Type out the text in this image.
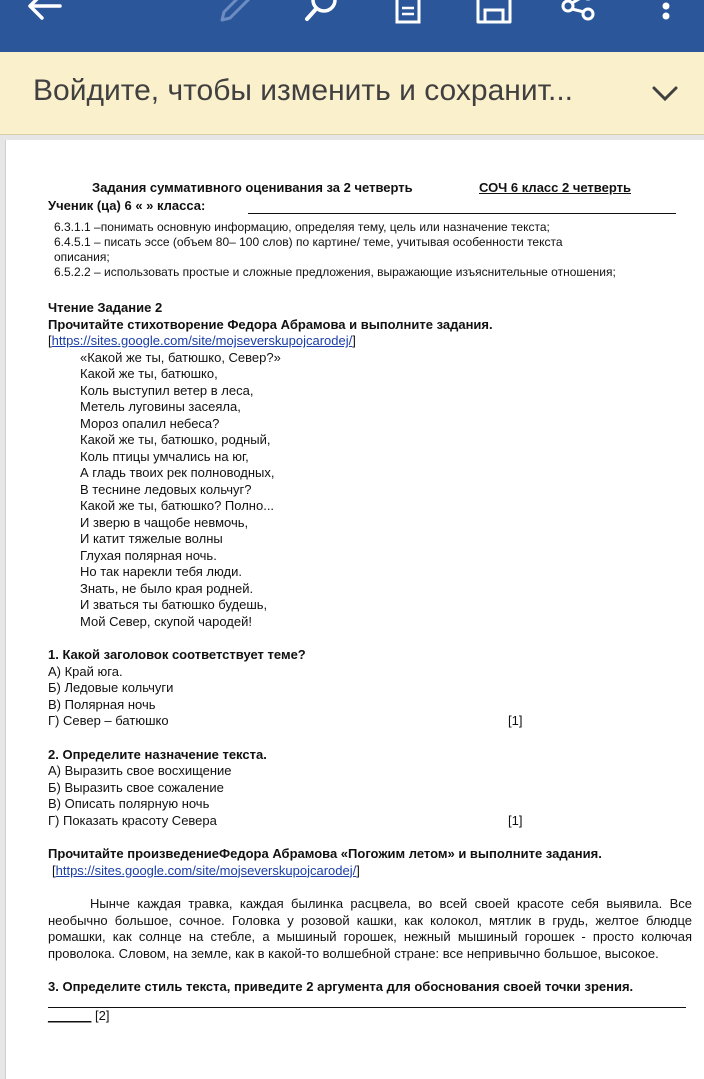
Войдите, чтобы изменить и сохранит...
Задания суммативного оценивания за 2 четверть	СОЧ 6 класс 2 четверть
Ученик (ца) 6 « » класса:
6.3.1.1 –понимать основную информацию, определяя тему, цель или назначение текста;
6.4.5.1 – писать эссе (объем 80– 100 слов) по картине/ теме, учитывая особенности текста
описания;
6.5.2.2 – использовать простые и сложные предложения, выражающие изъяснительные отношения;
Чтение Задание 2
Прочитайте стихотворение Федора Абрамова и выполните задания.
[https://sites.google.com/site/mojseverskupojcarodej/]
«Какой же ты, батюшко, Север?»
Какой же ты, батюшко,
Коль выступил ветер в леса,
Метель луговины засеяла,
Мороз опалил небеса?
Какой же ты, батюшко, родный,
Коль птицы умчались на юг,
А гладь твоих рек полноводных,
В теснине ледовых кольчуг?
Какой же ты, батюшко? Полно...
И зверю в чащобе невмочь,
И катит тяжелые волны
Глухая полярная ночь.
Но так нарекли тебя люди.
Знать, не было края родней.
И зваться ты батюшко будешь,
Мой Север, скупой чародей!
1. Какой заголовок соответствует теме?
А) Край юга.
Б) Ледовые кольчуги
В) Полярная ночь
Г) Север – батюшко	[1]
2. Определите назначение текста.
А) Выразить свое восхищение
Б) Выразить свое сожаление
В) Описать полярную ночь
Г) Показать красоту Севера	[1]
Прочитайте произведениеФедора Абрамова «Погожим летом» и выполните задания.
[https://sites.google.com/site/mojseverskupojcarodej/]
Нынче каждая травка, каждая былинка расцвела, во всей своей красоте себя выявила. Все необычно большое, сочное. Головка у розовой кашки, как колокол, мятлик в грудь, желтое блюдце ромашки, как солнце на стебле, а мышиный горошек, нежный мышиный горошек - просто колючая проволока. Словом, на земле, как в какой-то волшебной стране: все непривычно большое, высокое.
3. Определите стиль текста, приведите 2 аргумента для обоснования своей точки зрения.
______ [2]
